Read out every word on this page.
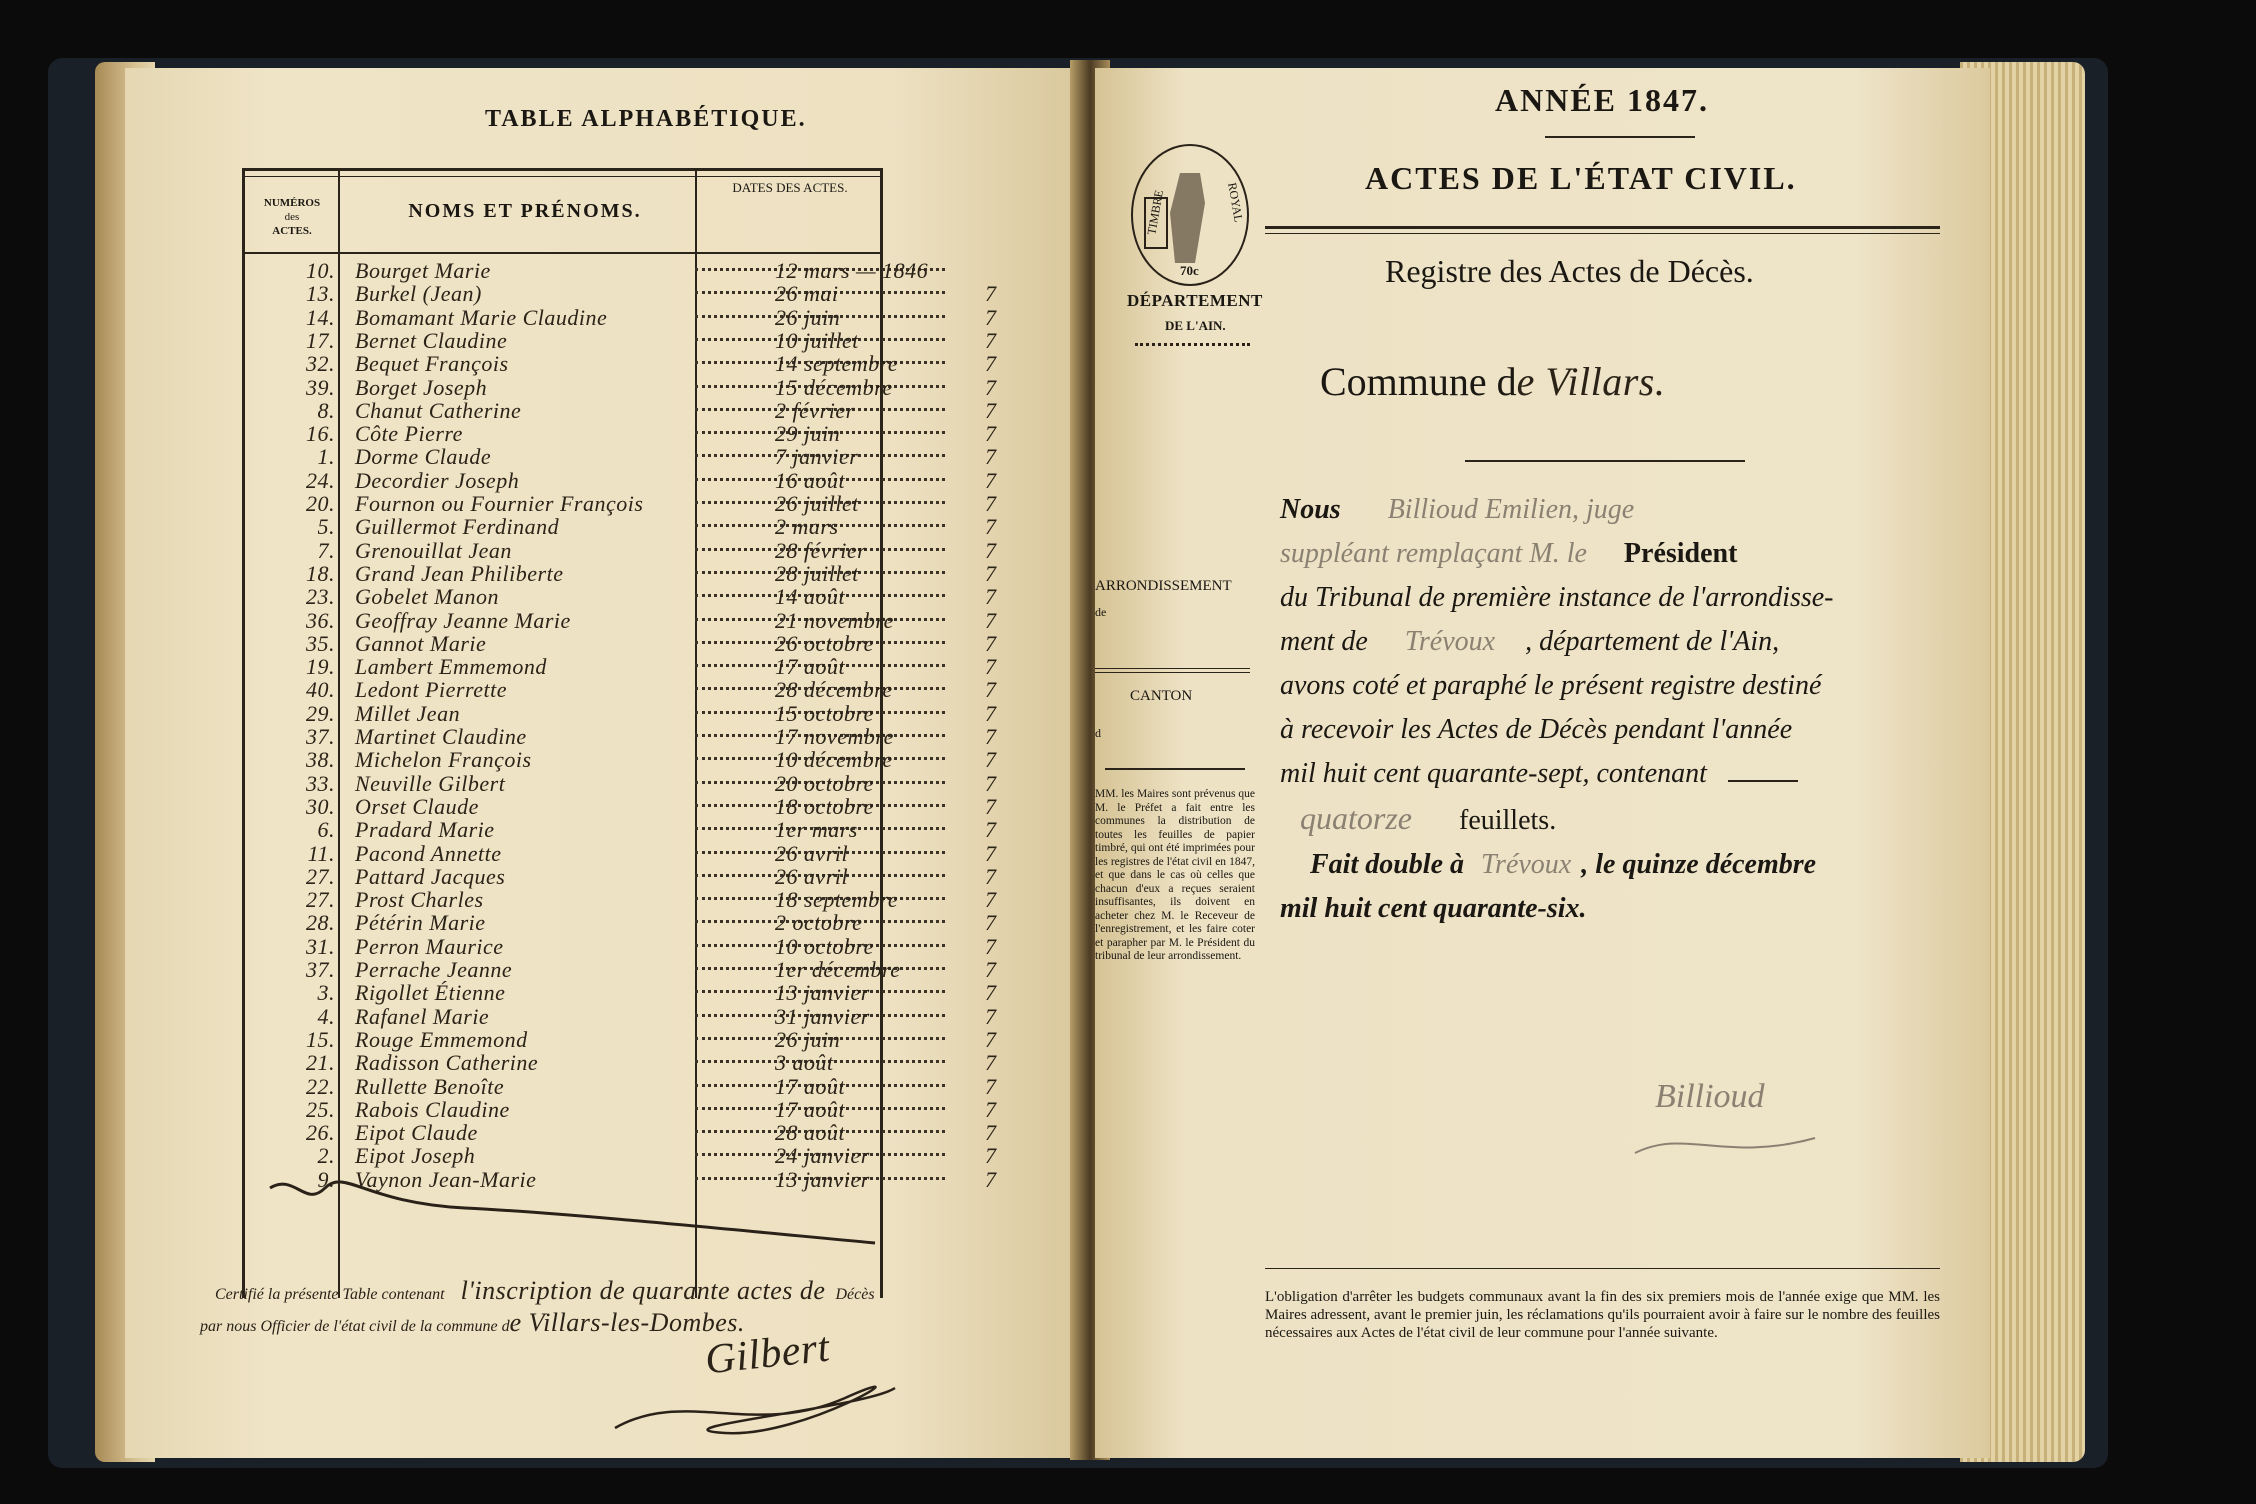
TABLE ALPHABÉTIQUE.
NUMÉROS
des
ACTES.
NOMS ET PRÉNOMS.
DATES DES ACTES.
10. Bourget Marie	12 mars — 1846
13. Burkel (Jean)	26 mai	7
14. Bomamant Marie Claudine	26 juin	7
17. Bernet Claudine	10 juillet	7
32. Bequet François	14 septembre	7
39. Borget Joseph	15 décembre	7
8. Chanut Catherine	2 février	7
16. Côte Pierre	29 juin	7
1. Dorme Claude	7 janvier	7
24. Decordier Joseph	16 août	7
20. Fournon ou Fournier François	26 juillet	7
5. Guillermot Ferdinand	2 mars	7
7. Grenouillat Jean	28 février	7
18. Grand Jean Philiberte	28 juillet	7
23. Gobelet Manon	14 août	7
36. Geoffray Jeanne Marie	21 novembre	7
35. Gannot Marie	26 octobre	7
19. Lambert Emmemond	17 août	7
40. Ledont Pierrette	28 décembre	7
29. Millet Jean	15 octobre	7
37. Martinet Claudine	17 novembre	7
38. Michelon François	10 décembre	7
33. Neuville Gilbert	20 octobre	7
30. Orset Claude	18 octobre	7
6. Pradard Marie	1er mars	7
11. Pacond Annette	26 avril	7
27. Pattard Jacques	26 avril	7
27. Prost Charles	18 septembre	7
28. Pétérin Marie	2 octobre	7
31. Perron Maurice	10 octobre	7
37. Perrache Jeanne	1er décembre	7
3. Rigollet Étienne	13 janvier	7
4. Rafanel Marie	31 janvier	7
15. Rouge Emmemond	26 juin	7
21. Radisson Catherine	3 août	7
22. Rullette Benoîte	17 août	7
25. Rabois Claudine	17 août	7
26. Eipot Claude	28 août	7
2. Eipot Joseph	24 janvier	7
9. Vaynon Jean-Marie	13 janvier	7
Certifié la présente Table contenant l'inscription de quarante actes de Décès
par nous Officier de l'état civil de la commune de Villars-les-Dombes.
Gilbert
ANNÉE 1847.
ACTES DE L'ÉTAT CIVIL.
Registre des Actes de Décès.
TIMBRE	ROYAL
70c
DÉPARTEMENT
DE L'AIN.
Commune de Villars.
ARRONDISSEMENT
de
CANTON
d
MM. les Maires sont prévenus que M. le Préfet a fait entre les communes la distribution de toutes les feuilles de papier timbré, qui ont été imprimées pour les registres de l'état civil en 1847, et que dans le cas où celles que chacun d'eux a reçues seraient insuffisantes, ils doivent en acheter chez M. le Receveur de l'enregistrement, et les faire coter et parapher par M. le Président du tribunal de leur arrondissement.
Nous Billioud Emilien, juge
suppléant remplaçant M. le Président
du Tribunal de première instance de l'arrondisse-
ment de Trévoux , département de l'Ain,
avons coté et paraphé le présent registre destiné
à recevoir les Actes de Décès pendant l'année
mil huit cent quarante-sept, contenant
quatorze feuillets.
Fait double à Trévoux , le quinze décembre
mil huit cent quarante-six.
Billioud
L'obligation d'arrêter les budgets communaux avant la fin des six premiers mois de l'année exige que MM. les Maires adressent, avant le premier juin, les réclamations qu'ils pourraient avoir à faire sur le nombre des feuilles nécessaires aux Actes de l'état civil de leur commune pour l'année suivante.
